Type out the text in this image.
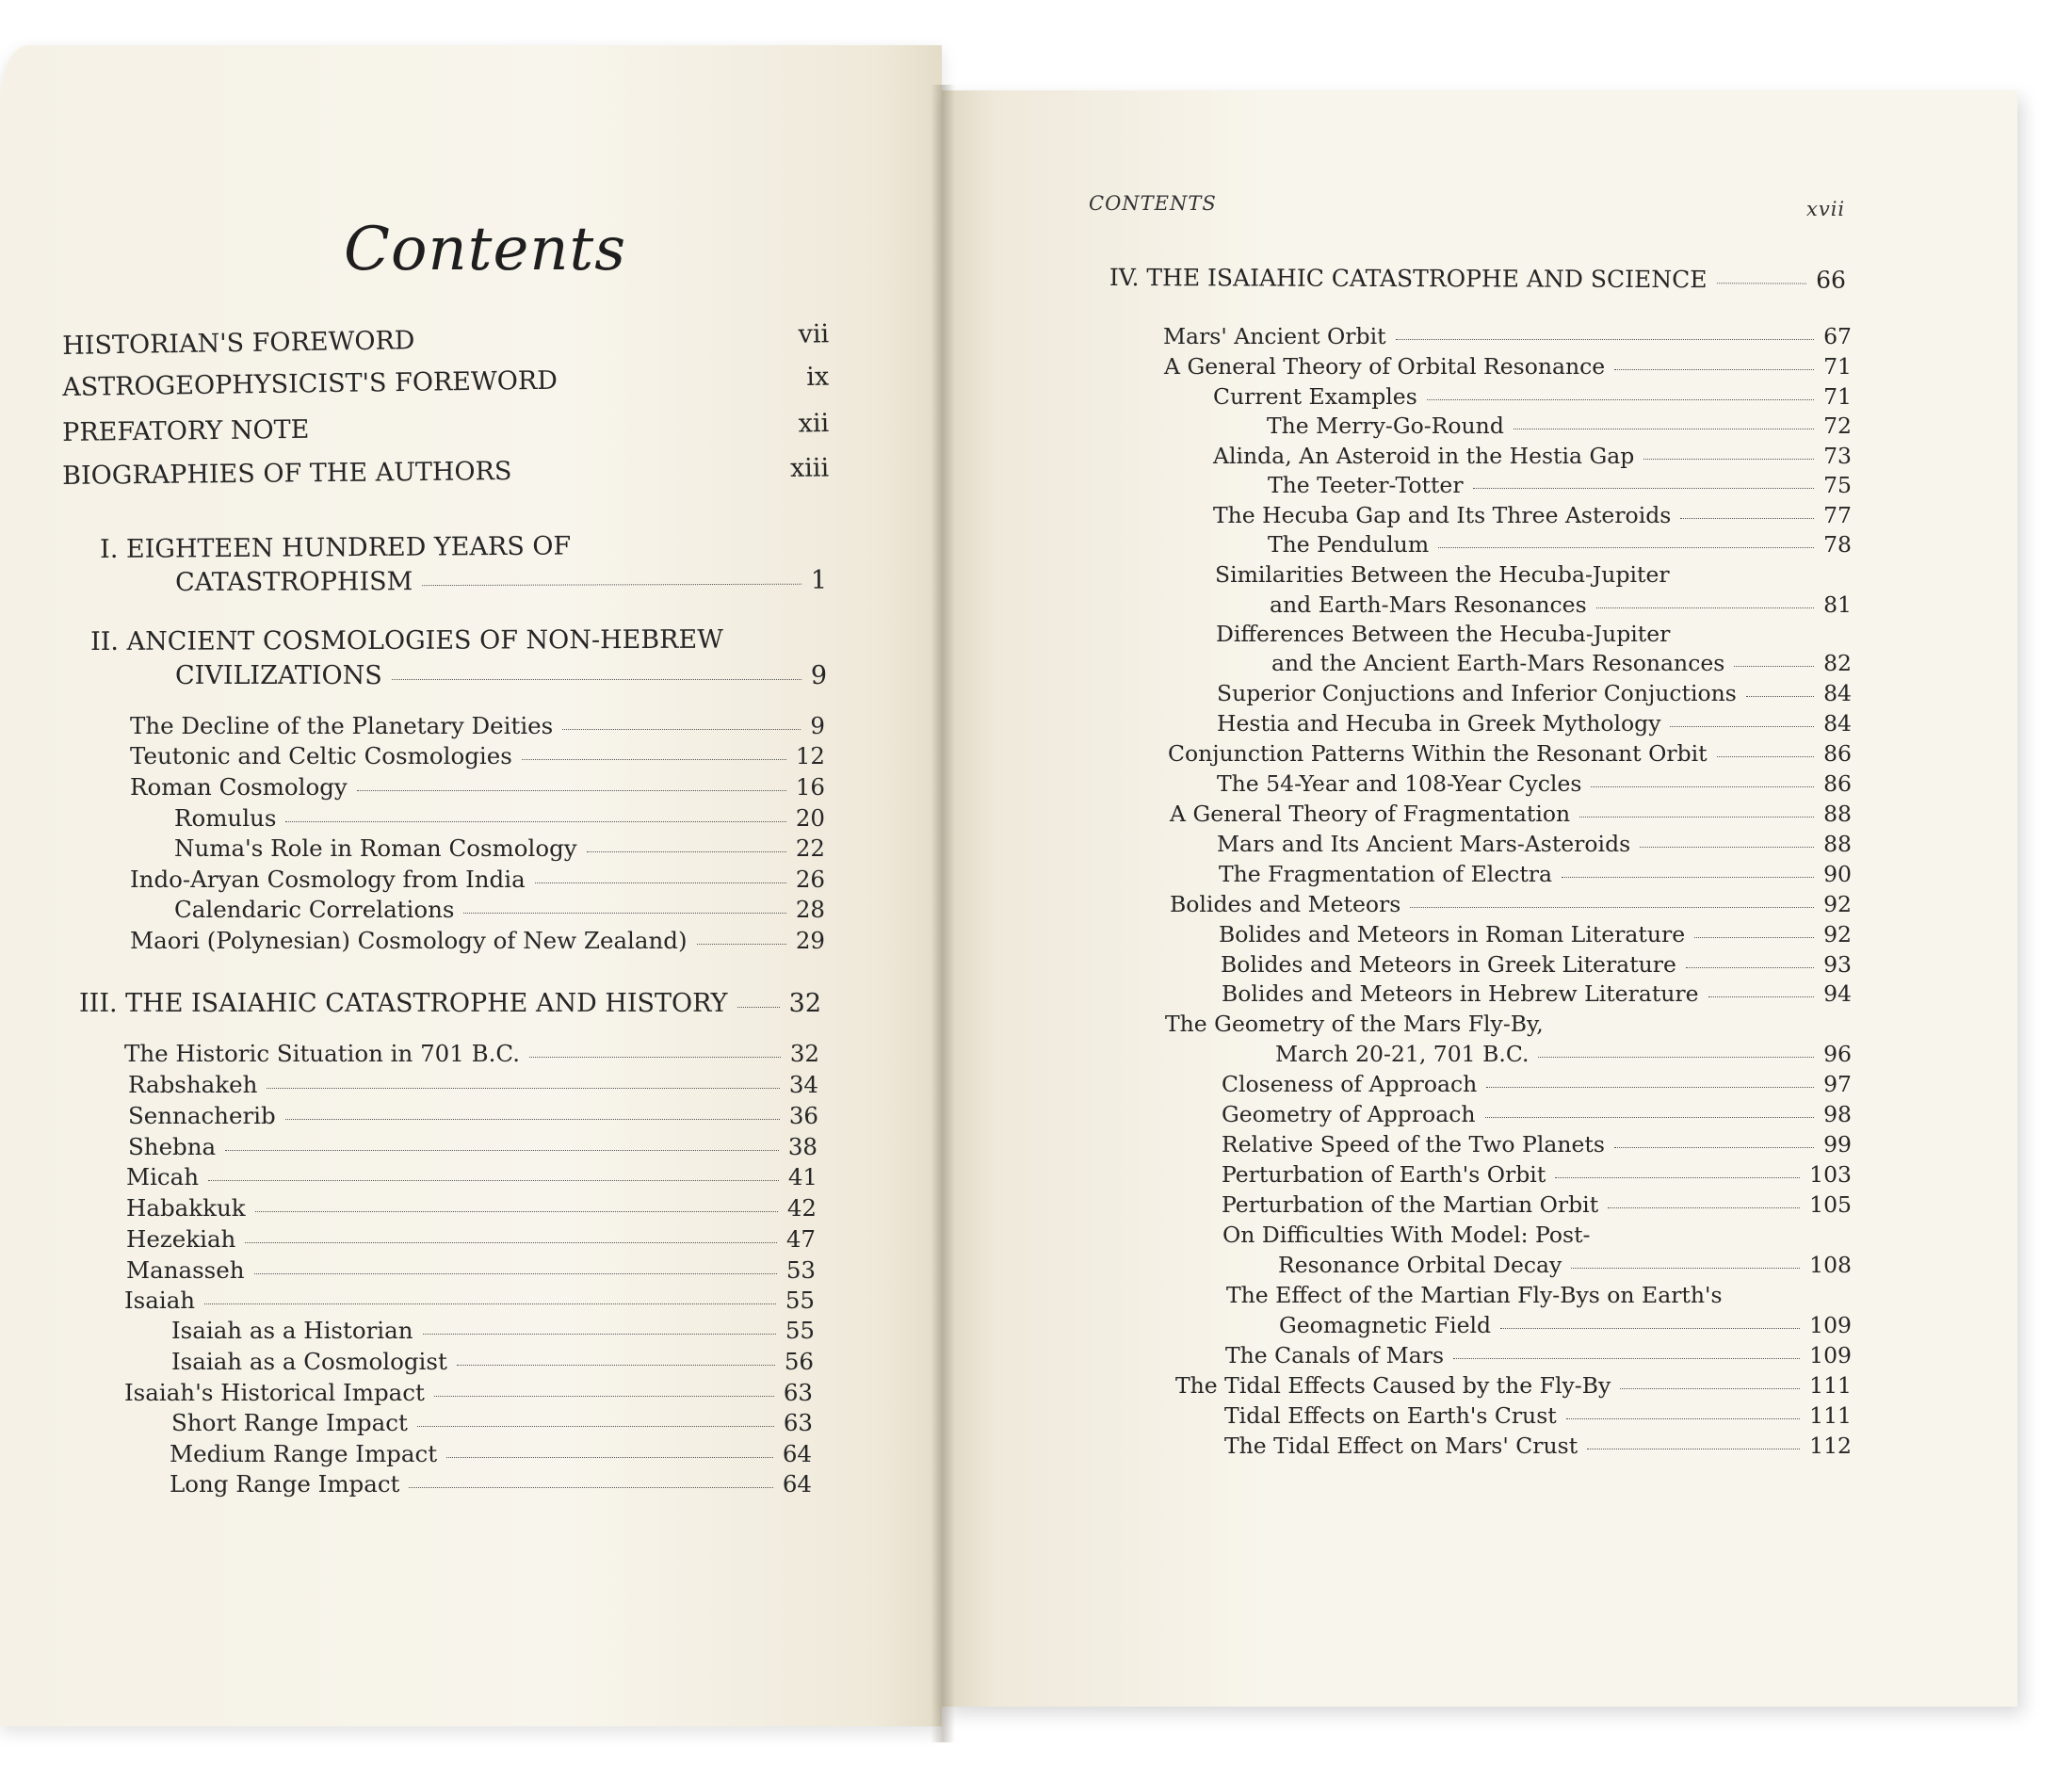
Contents
CONTENTS	xvii
HISTORIAN'S FOREWORD	vii
ASTROGEOPHYSICIST'S FOREWORD	ix
PREFATORY NOTE	xii
BIOGRAPHIES OF THE AUTHORS	xiii
I. EIGHTEEN HUNDRED YEARS OF
CATASTROPHISM	1
II. ANCIENT COSMOLOGIES OF NON-HEBREW
CIVILIZATIONS	9
The Decline of the Planetary Deities	9
Teutonic and Celtic Cosmologies	12
Roman Cosmology	16
Romulus	20
Numa's Role in Roman Cosmology	22
Indo-Aryan Cosmology from India	26
Calendaric Correlations	28
Maori (Polynesian) Cosmology of New Zealand)	29
III. THE ISAIAHIC CATASTROPHE AND HISTORY 32
The Historic Situation in 701 B.C.	32
Rabshakeh	34
Sennacherib	36
Shebna	38
Micah	41
Habakkuk	42
Hezekiah	47
Manasseh	53
Isaiah	55
Isaiah as a Historian	55
Isaiah as a Cosmologist	56
Isaiah's Historical Impact	63
Short Range Impact	63
Medium Range Impact	64
Long Range Impact	64
IV. THE ISAIAHIC CATASTROPHE AND SCIENCE	66
Mars' Ancient Orbit	67
A General Theory of Orbital Resonance	71
Current Examples	71
The Merry-Go-Round	72
Alinda, An Asteroid in the Hestia Gap	73
The Teeter-Totter	75
The Hecuba Gap and Its Three Asteroids	77
The Pendulum	78
Similarities Between the Hecuba-Jupiter
and Earth-Mars Resonances	81
Differences Between the Hecuba-Jupiter
and the Ancient Earth-Mars Resonances	82
Superior Conjuctions and Inferior Conjuctions	84
Hestia and Hecuba in Greek Mythology	84
Conjunction Patterns Within the Resonant Orbit	86
The 54-Year and 108-Year Cycles	86
A General Theory of Fragmentation	88
Mars and Its Ancient Mars-Asteroids	88
The Fragmentation of Electra	90
Bolides and Meteors	92
Bolides and Meteors in Roman Literature	92
Bolides and Meteors in Greek Literature	93
Bolides and Meteors in Hebrew Literature	94
The Geometry of the Mars Fly-By,
March 20-21, 701 B.C.	96
Closeness of Approach	97
Geometry of Approach	98
Relative Speed of the Two Planets	99
Perturbation of Earth's Orbit	103
Perturbation of the Martian Orbit	105
On Difficulties With Model: Post-
Resonance Orbital Decay	108
The Effect of the Martian Fly-Bys on Earth's
Geomagnetic Field	109
The Canals of Mars	109
The Tidal Effects Caused by the Fly-By	111
Tidal Effects on Earth's Crust	111
The Tidal Effect on Mars' Crust	112
